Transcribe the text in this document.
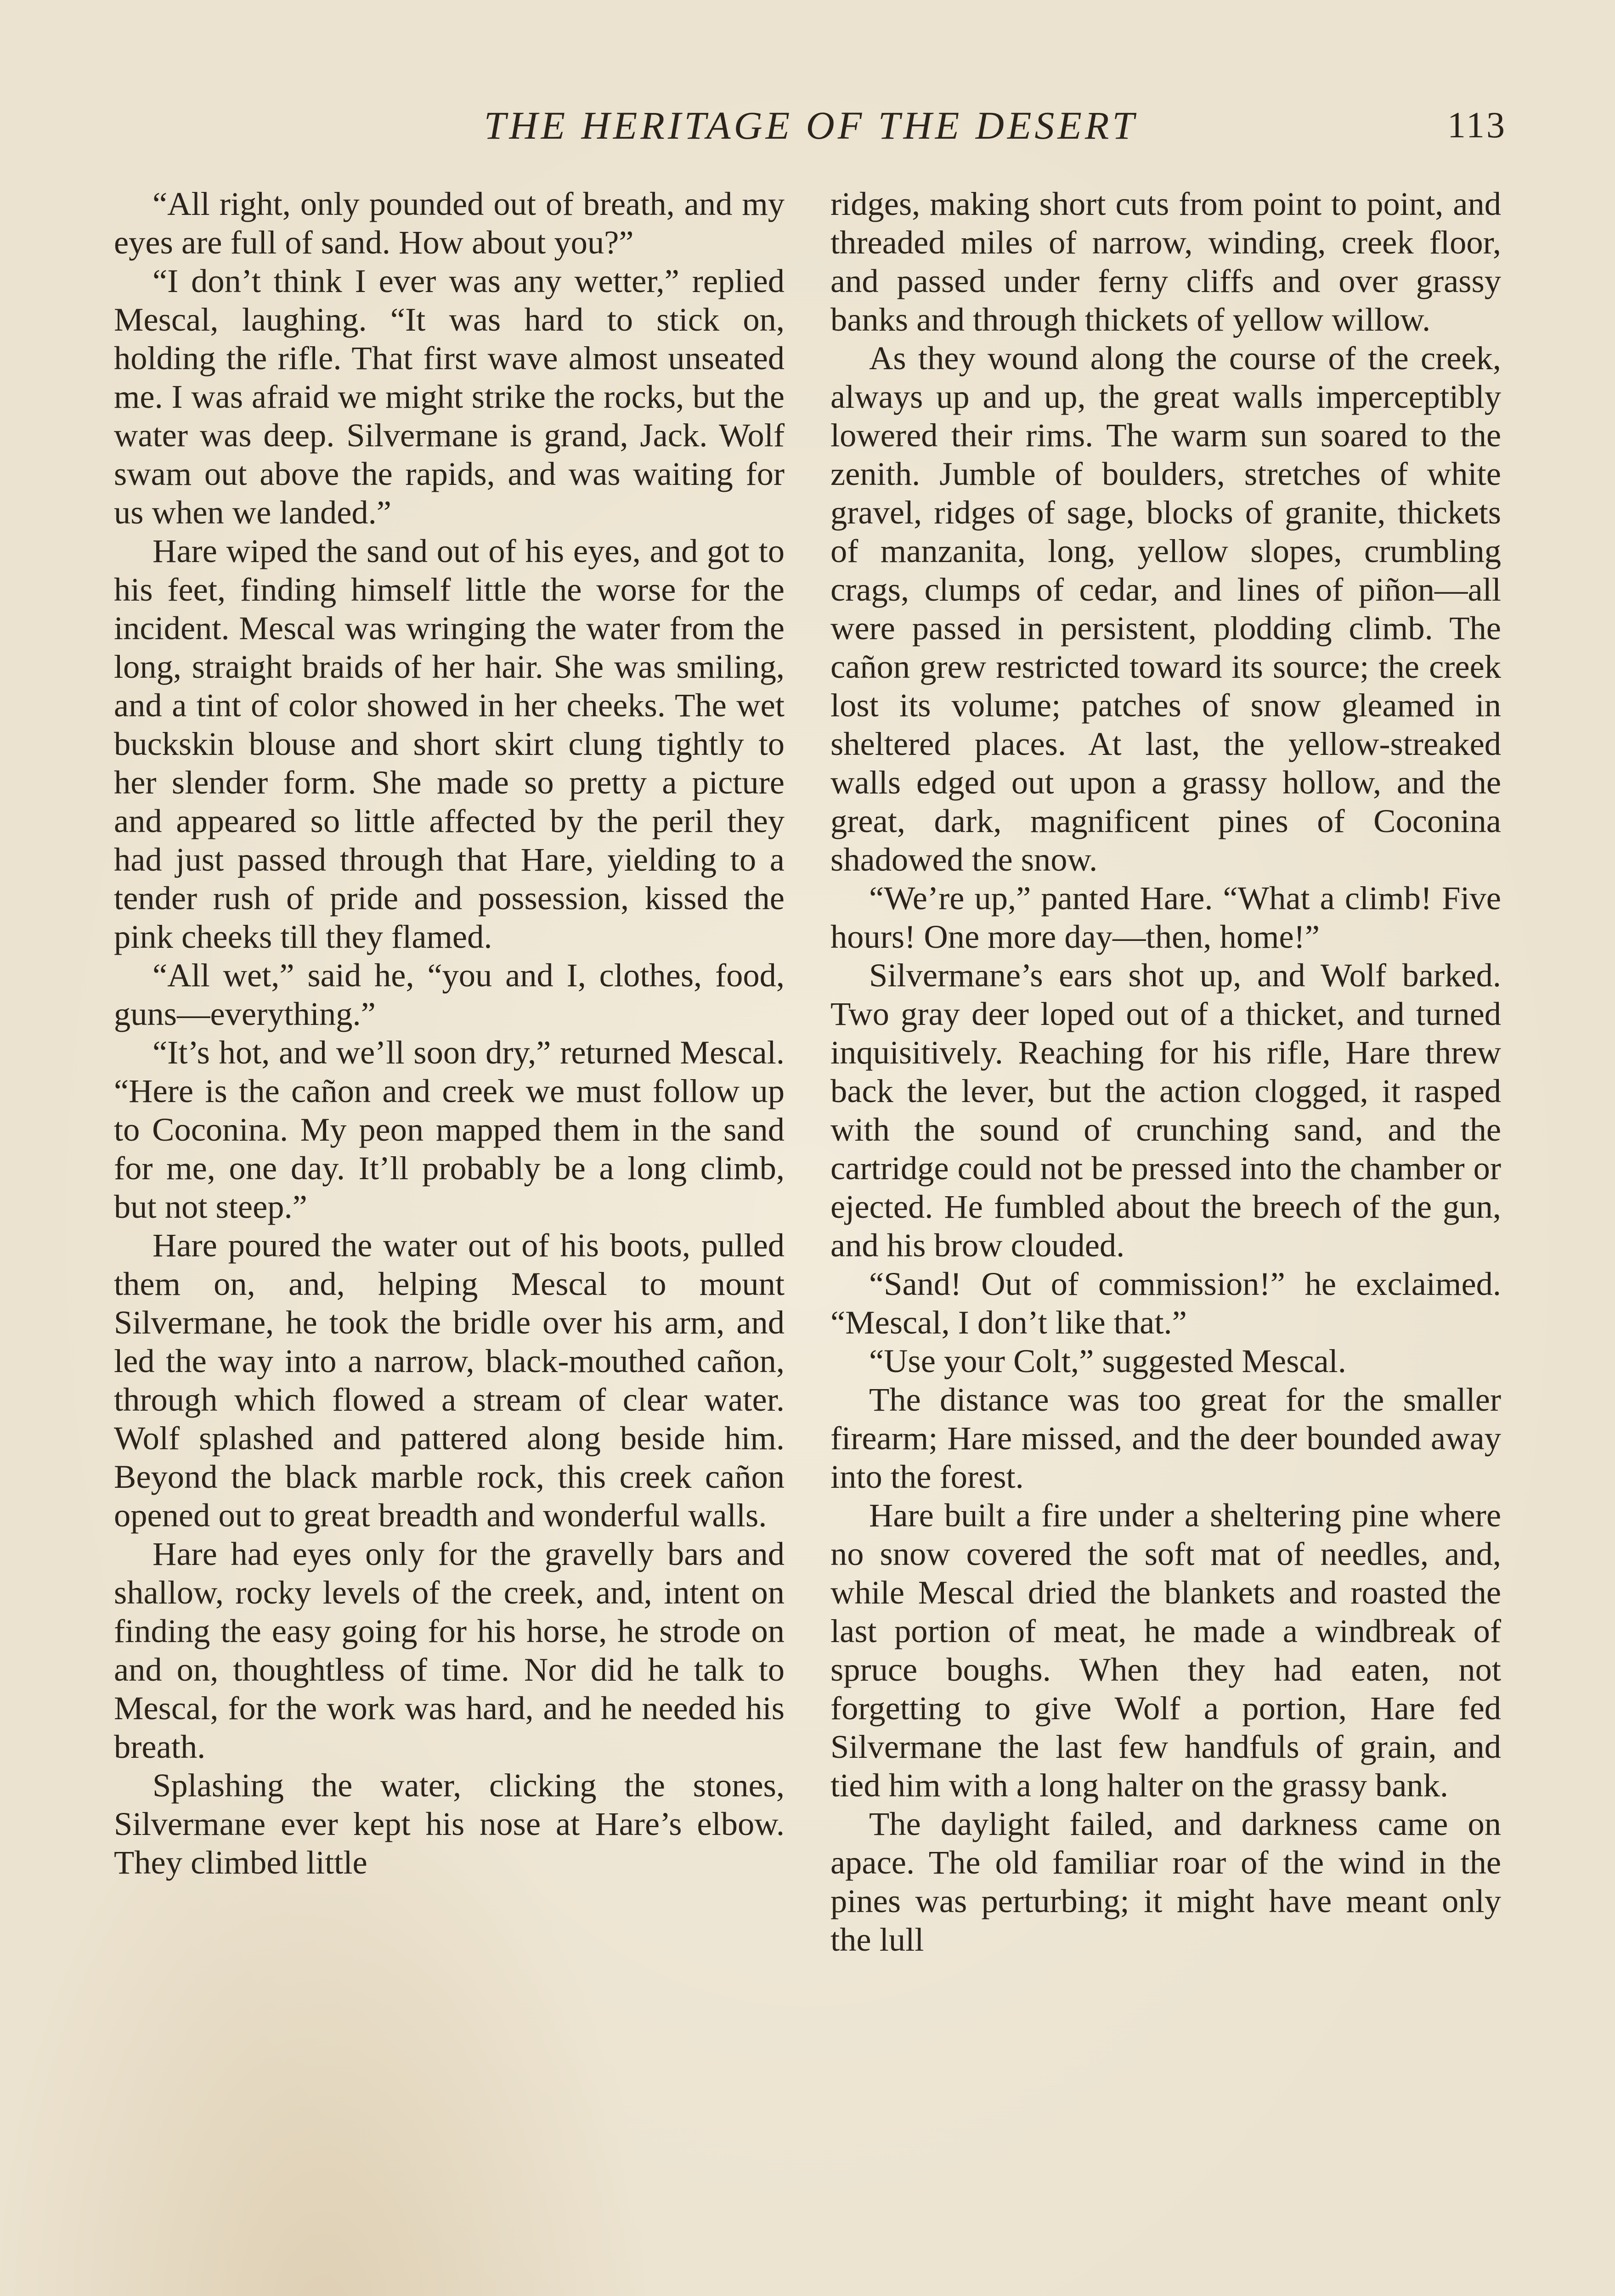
THE HERITAGE OF THE DESERT	113

“All right, only pounded out of breath, and my eyes are full of sand. How about you?”

“I don’t think I ever was any wetter,” replied Mescal, laughing. “It was hard to stick on, holding the rifle. That first wave almost unseated me. I was afraid we might strike the rocks, but the water was deep. Silvermane is grand, Jack. Wolf swam out above the rapids, and was waiting for us when we landed.”

Hare wiped the sand out of his eyes, and got to his feet, finding himself little the worse for the incident. Mescal was wringing the water from the long, straight braids of her hair. She was smiling, and a tint of color showed in her cheeks. The wet buckskin blouse and short skirt clung tightly to her slender form. She made so pretty a picture and appeared so little affected by the peril they had just passed through that Hare, yielding to a tender rush of pride and possession, kissed the pink cheeks till they flamed.

“All wet,” said he, “you and I, clothes, food, guns—everything.”

“It’s hot, and we’ll soon dry,” returned Mescal. “Here is the cañon and creek we must follow up to Coconina. My peon mapped them in the sand for me, one day. It’ll probably be a long climb, but not steep.”

Hare poured the water out of his boots, pulled them on, and, helping Mescal to mount Silvermane, he took the bridle over his arm, and led the way into a narrow, black-mouthed cañon, through which flowed a stream of clear water. Wolf splashed and pattered along beside him. Beyond the black marble rock, this creek cañon opened out to great breadth and wonderful walls.

Hare had eyes only for the gravelly bars and shallow, rocky levels of the creek, and, intent on finding the easy going for his horse, he strode on and on, thoughtless of time. Nor did he talk to Mescal, for the work was hard, and he needed his breath.

Splashing the water, clicking the stones, Silvermane ever kept his nose at Hare’s elbow. They climbed little

ridges, making short cuts from point to point, and threaded miles of narrow, winding, creek floor, and passed under ferny cliffs and over grassy banks and through thickets of yellow willow.

As they wound along the course of the creek, always up and up, the great walls imperceptibly lowered their rims. The warm sun soared to the zenith. Jumble of boulders, stretches of white gravel, ridges of sage, blocks of granite, thickets of manzanita, long, yellow slopes, crumbling crags, clumps of cedar, and lines of piñon—all were passed in persistent, plodding climb. The cañon grew restricted toward its source; the creek lost its volume; patches of snow gleamed in sheltered places. At last, the yellow-streaked walls edged out upon a grassy hollow, and the great, dark, magnificent pines of Coconina shadowed the snow.

“We’re up,” panted Hare. “What a climb! Five hours! One more day—then, home!”

Silvermane’s ears shot up, and Wolf barked. Two gray deer loped out of a thicket, and turned inquisitively. Reaching for his rifle, Hare threw back the lever, but the action clogged, it rasped with the sound of crunching sand, and the cartridge could not be pressed into the chamber or ejected. He fumbled about the breech of the gun, and his brow clouded.

“Sand! Out of commission!” he exclaimed. “Mescal, I don’t like that.”

“Use your Colt,” suggested Mescal.

The distance was too great for the smaller firearm; Hare missed, and the deer bounded away into the forest.

Hare built a fire under a sheltering pine where no snow covered the soft mat of needles, and, while Mescal dried the blankets and roasted the last portion of meat, he made a windbreak of spruce boughs. When they had eaten, not forgetting to give Wolf a portion, Hare fed Silvermane the last few handfuls of grain, and tied him with a long halter on the grassy bank.

The daylight failed, and darkness came on apace. The old familiar roar of the wind in the pines was perturbing; it might have meant only the lull
